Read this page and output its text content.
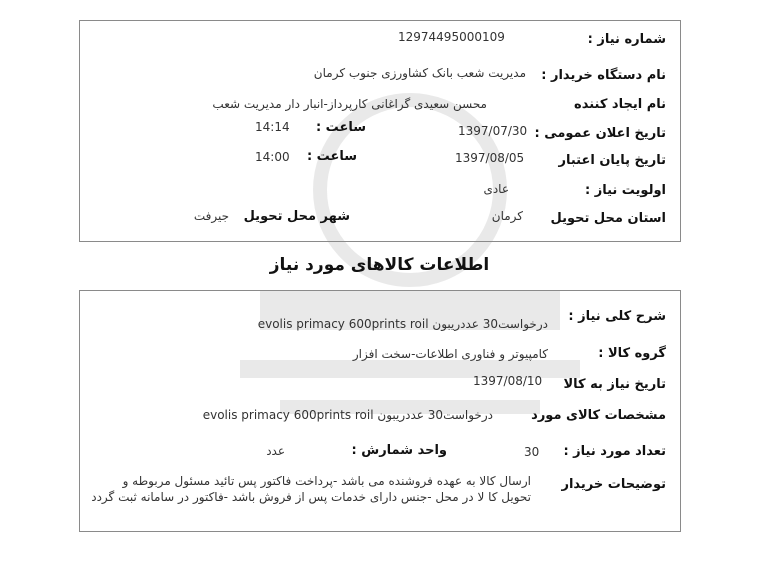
شماره نیاز :
12974495000109
نام دستگاه خریدار :
مدیریت شعب بانک کشاورزی جنوب کرمان
نام ایجاد کننده
محسن سعیدی گراغانی کارپرداز-انبار دار مدیریت شعب
تاریخ اعلان عمومی :
1397/07/30
ساعت :
14:14
تاریخ پایان اعتبار
1397/08/05
ساعت :
14:00
اولویت نیاز :
عادی
استان محل تحویل
کرمان
شهر محل تحویل
جیرفت
اطلاعات کالاهای مورد نیاز
شرح کلی نیاز :
درخواست30 عددریبون evolis primacy 600prints roil
گروه کالا :
کامپیوتر و فناوری اطلاعات-سخت افزار
تاریخ نیاز به کالا
1397/08/10
مشخصات کالای مورد
درخواست30 عددریبون evolis primacy 600prints roil
تعداد مورد نیاز :
30
واحد شمارش :
عدد
توضیحات خریدار
ارسال کالا به عهده فروشنده می باشد -پرداخت فاکتور پس تائید مسئول مربوطه و تحویل کا لا در محل -جنس دارای خدمات پس از فروش باشد -فاکتور در سامانه ثبت گردد
